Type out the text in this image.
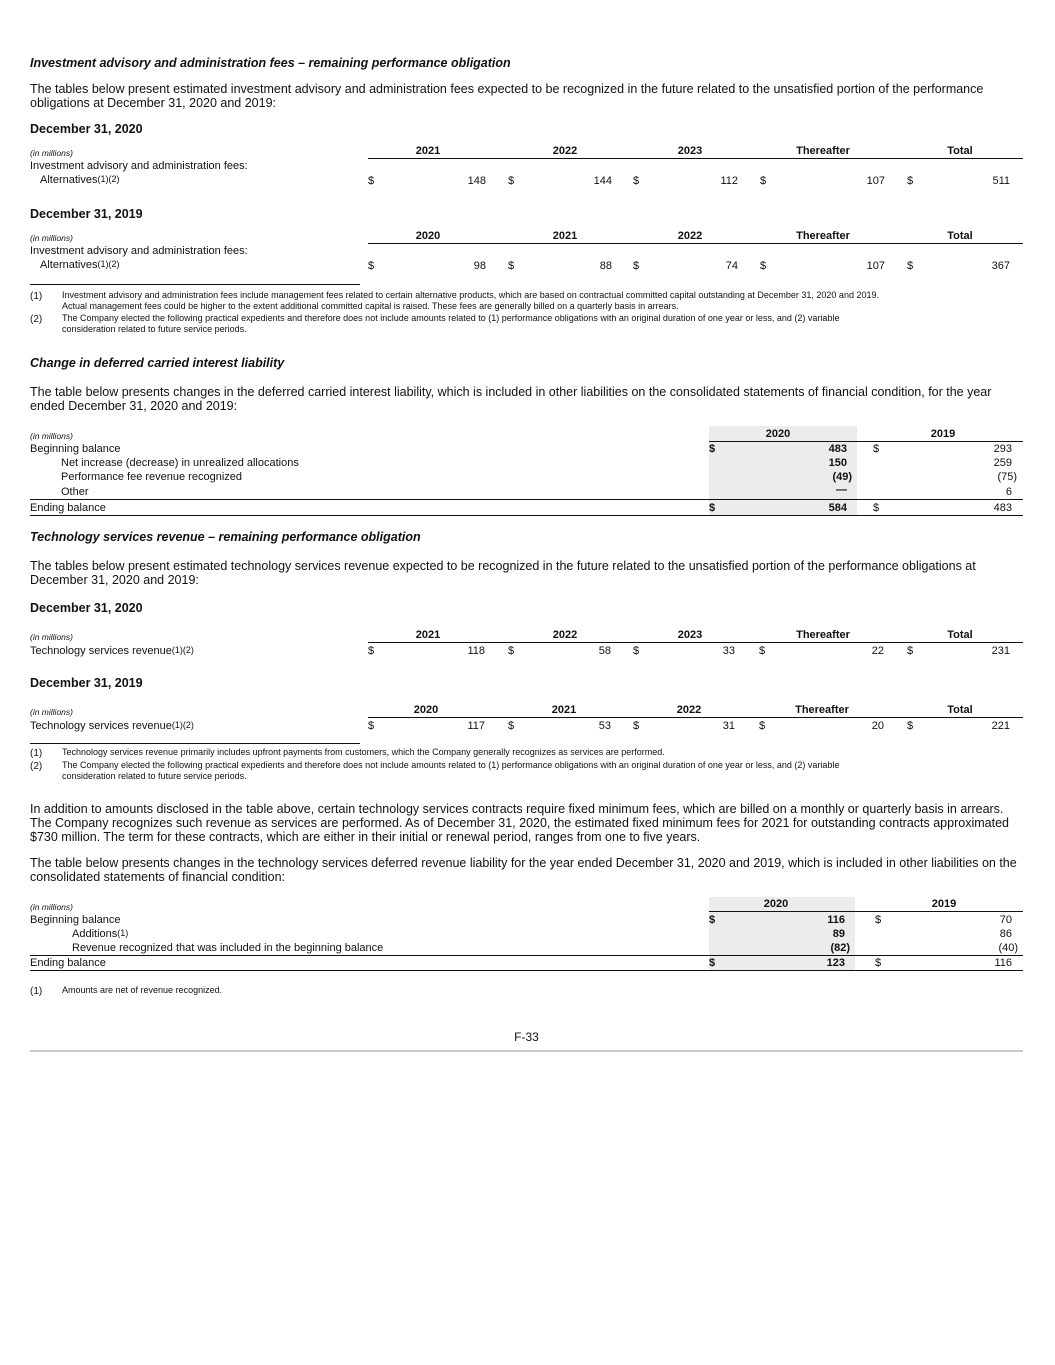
Investment advisory and administration fees – remaining performance obligation
The tables below present estimated investment advisory and administration fees expected to be recognized in the future related to the unsatisfied portion of the performance obligations at December 31, 2020 and 2019:
December 31, 2020
(in millions)	2021	2022	2023	Thereafter	Total
Investment advisory and administration fees:
Alternatives$^{(1)(2)}$	$	148 $	144 $	112 $	107 $	511
December 31, 2019
(in millions)	2020	2021	2022	Thereafter	Total
Investment advisory and administration fees:
Alternatives$^{(1)(2)}$	$	98 $	88 $	74 $	107 $	367
(1) Investment advisory and administration fees include management fees related to certain alternative products, which are based on contractual committed capital outstanding at December 31, 2020 and 2019.
Actual management fees could be higher to the extent additional committed capital is raised. These fees are generally billed on a quarterly basis in arrears.
(2) The Company elected the following practical expedients and therefore does not include amounts related to (1) performance obligations with an original duration of one year or less, and (2) variable
consideration related to future service periods.
Change in deferred carried interest liability
The table below presents changes in the deferred carried interest liability, which is included in other liabilities on the consolidated statements of financial condition, for the year ended December 31, 2020 and 2019:
(in millions)	2020	2019
Beginning balance	$	483 $	293
Net increase (decrease) in unrealized allocations	150	259
Performance fee revenue recognized	(49)	(75)
Other	—	6
Ending balance	$	584 $	483
Technology services revenue – remaining performance obligation
The tables below present estimated technology services revenue expected to be recognized in the future related to the unsatisfied portion of the performance obligations at December 31, 2020 and 2019:
December 31, 2020
(in millions)	2021	2022	2023	Thereafter	Total
Technology services revenue$^{(1)(2)}$	$	118 $	58 $	33 $	22 $	231
December 31, 2019
(in millions)	2020	2021	2022	Thereafter	Total
Technology services revenue$^{(1)(2)}$	$	117 $	53 $	31 $	20 $	221
(1) Technology services revenue primarily includes upfront payments from customers, which the Company generally recognizes as services are performed.
(2) The Company elected the following practical expedients and therefore does not include amounts related to (1) performance obligations with an original duration of one year or less, and (2) variable
consideration related to future service periods.
In addition to amounts disclosed in the table above, certain technology services contracts require fixed minimum fees, which are billed on a monthly or quarterly basis in arrears. The Company recognizes such revenue as services are performed. As of December 31, 2020, the estimated fixed minimum fees for 2021 for outstanding contracts approximated $730 million. The term for these contracts, which are either in their initial or renewal period, ranges from one to five years.
The table below presents changes in the technology services deferred revenue liability for the year ended December 31, 2020 and 2019, which is included in other liabilities on the consolidated statements of financial condition:
(in millions)	2020	2019
Beginning balance	$	116	$	70
Additions$^{(1)}$	89	86
Revenue recognized that was included in the beginning balance	(82)	(40)
Ending balance	$	123	$	116
(1) Amounts are net of revenue recognized.
F-33
